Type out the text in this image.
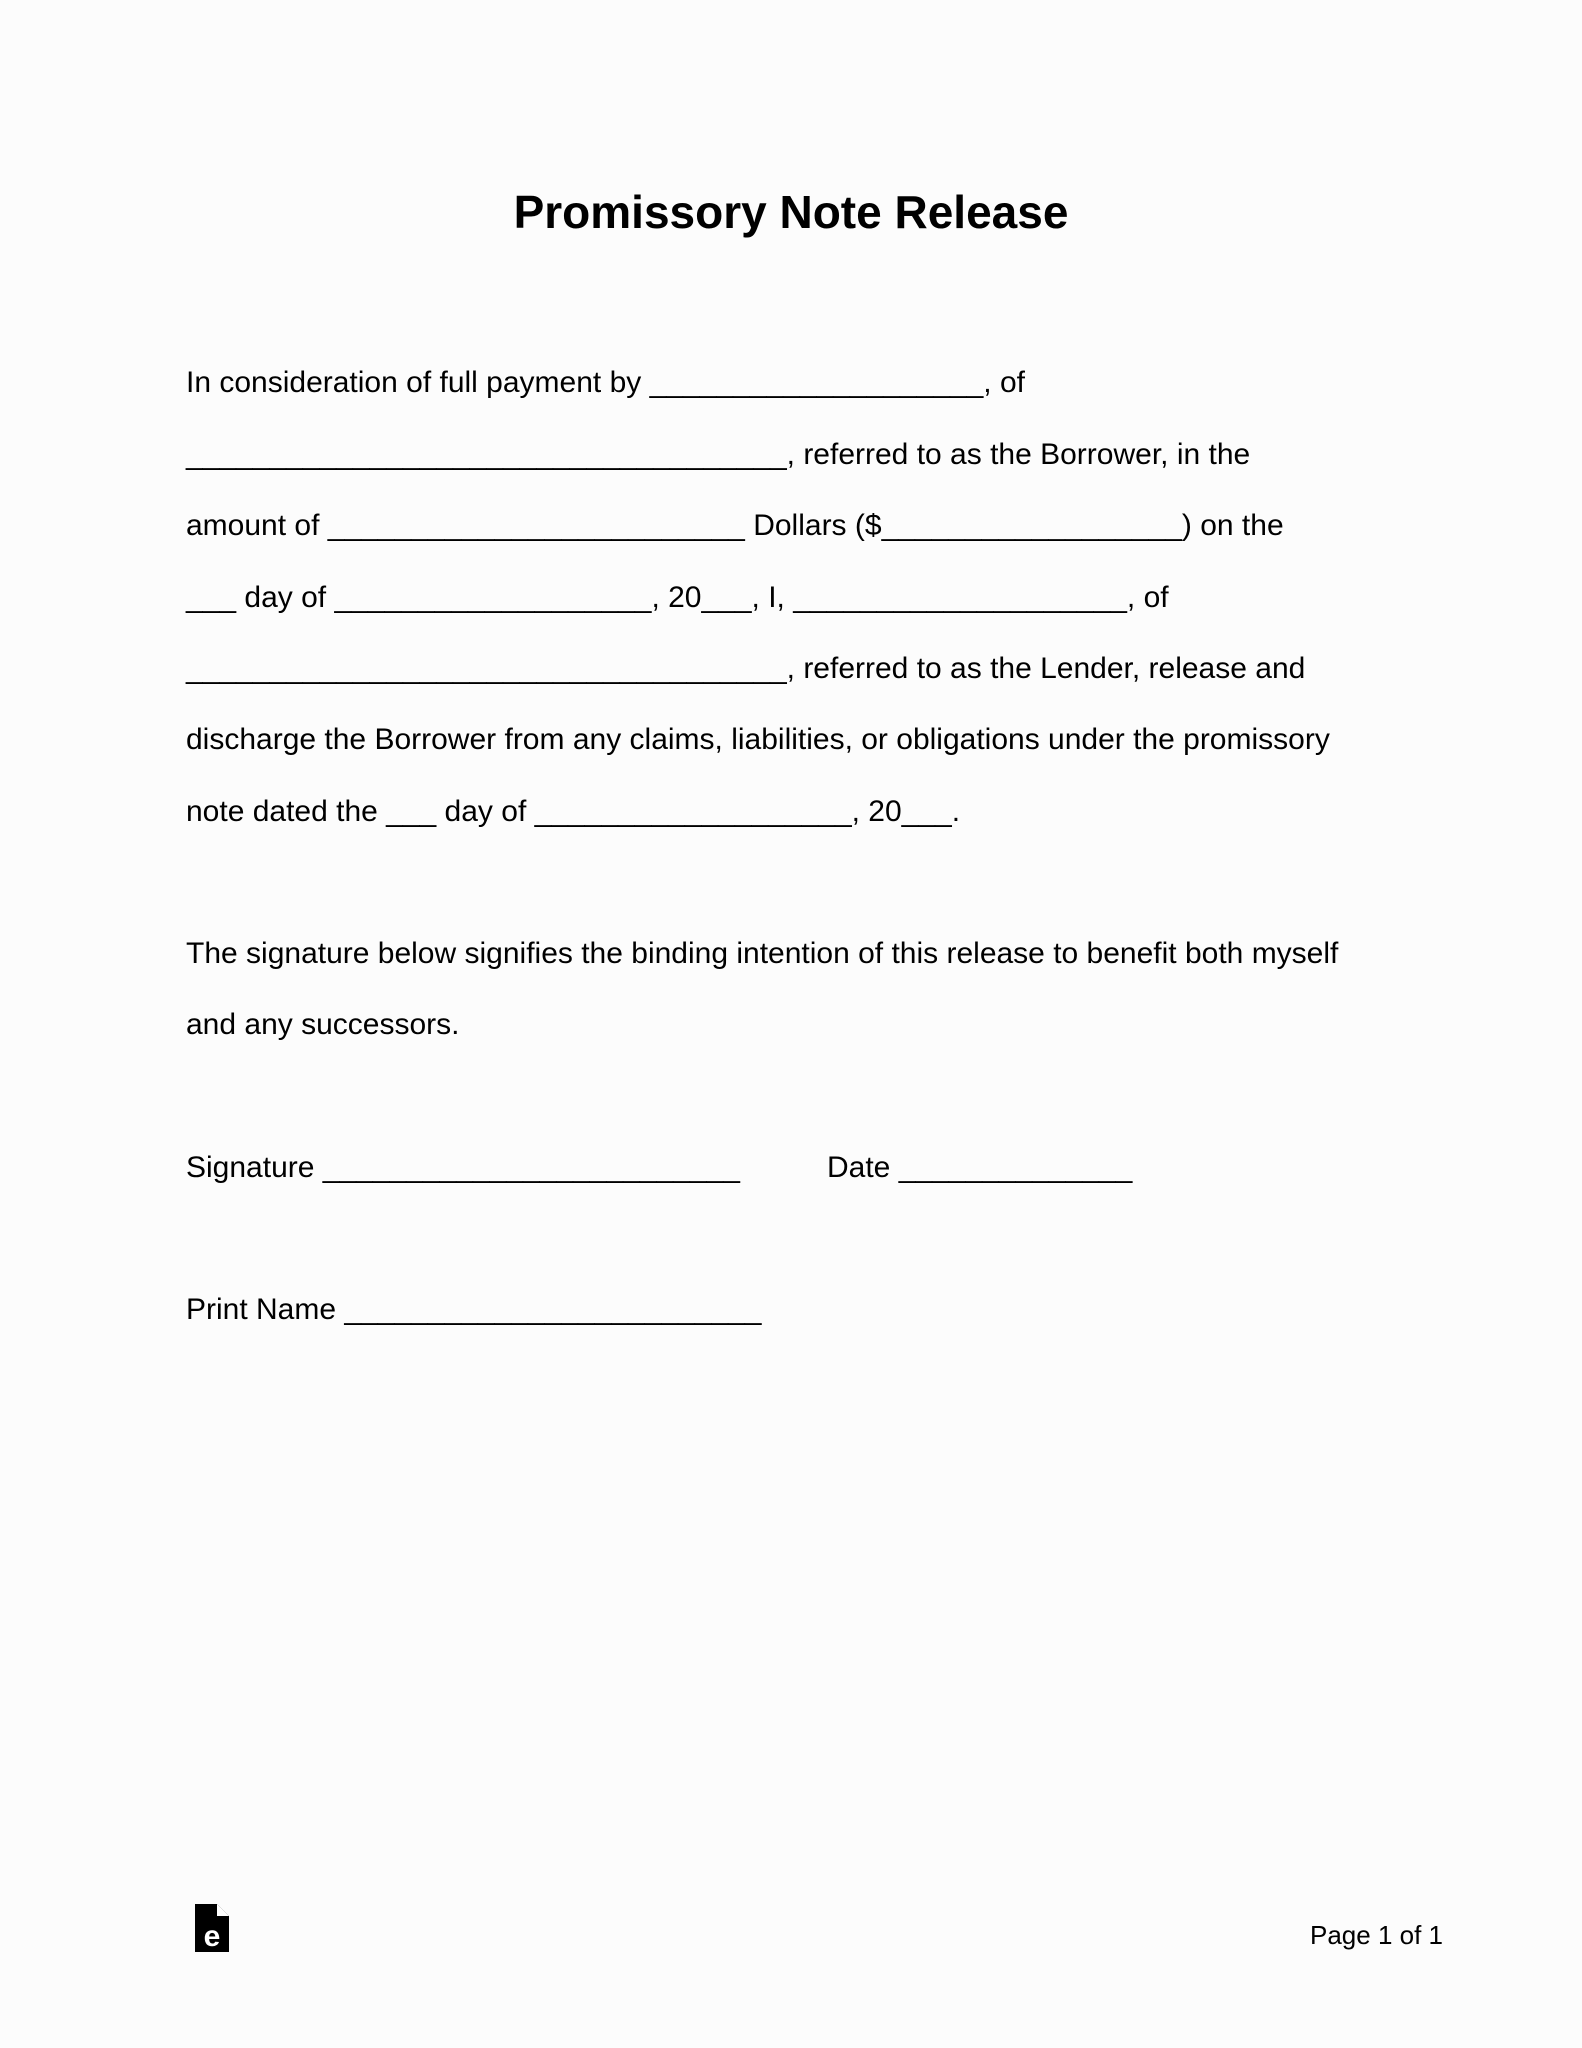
Promissory Note Release
In consideration of full payment by ____________________, of
____________________________________, referred to as the Borrower, in the
amount of _________________________ Dollars ($__________________) on the
___ day of ___________________, 20___, I, ____________________, of
____________________________________, referred to as the Lender, release and
discharge the Borrower from any claims, liabilities, or obligations under the promissory
note dated the ___ day of ___________________, 20___.
The signature below signifies the binding intention of this release to benefit both myself
and any successors.
Signature _________________________	Date ______________
Print Name _________________________
e	Page 1 of 1
